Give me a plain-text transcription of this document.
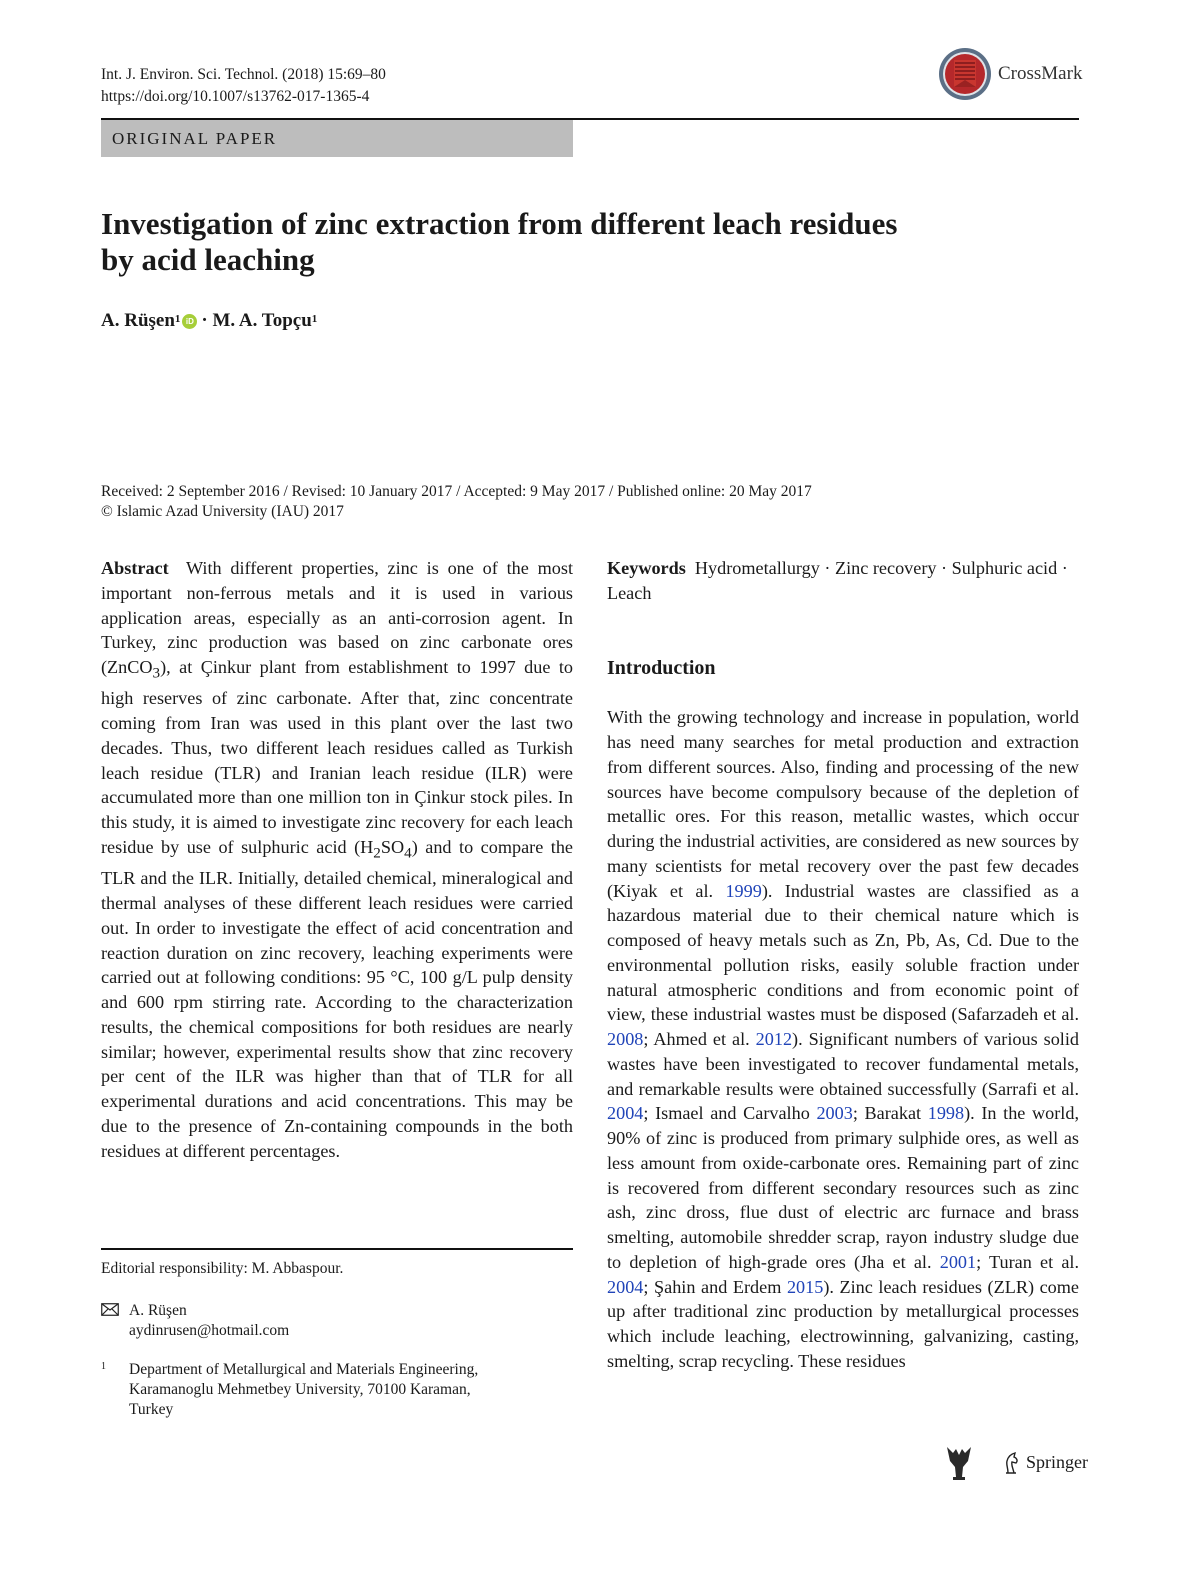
Int. J. Environ. Sci. Technol. (2018) 15:69–80
https://doi.org/10.1007/s13762-017-1365-4
CrossMark
ORIGINAL PAPER
Investigation of zinc extraction from different leach residues
by acid leaching
A. Rüşen$^1$ iD ·
M. A. Topçu$^1$
Received: 2 September 2016 / Revised: 10 January 2017 / Accepted: 9 May 2017 / Published online: 20 May 2017
© Islamic Azad University (IAU) 2017
Abstract With different properties, zinc is one of the most important non-ferrous metals and it is used in various application areas, especially as an anti-corrosion agent. In Turkey, zinc production was based on zinc carbonate ores (ZnCO$_3$), at Çinkur plant from establishment to 1997 due to high reserves of zinc carbonate. After that, zinc concentrate coming from Iran was used in this plant over the last two decades. Thus, two different leach residues called as Turkish leach residue (TLR) and Iranian leach residue (ILR) were accumulated more than one million ton in Çinkur stock piles. In this study, it is aimed to investigate zinc recovery for each leach residue by use of sulphuric acid $(H_2SO_4)$ and to compare the TLR and the ILR. Initially, detailed chemical, mineralogical and thermal analyses of these different leach residues were carried out. In order to investigate the effect of acid concentration and reaction duration on zinc recovery, leaching experiments were carried out at following conditions: 95 °C, 100 g/L pulp density and 600 rpm stirring rate. According to the characterization results, the chemical compositions for both residues are nearly similar; however, experimental results show that zinc recovery per cent of the ILR was higher than that of TLR for all experimental durations and acid concentrations. This may be due to the presence of Zn-containing compounds in the both residues at different percentages.
Editorial responsibility: M. Abbaspour.
A. Rüşen
aydinrusen@hotmail.com
1 Department of Metallurgical and Materials Engineering,
Karamanoglu Mehmetbey University, 70100 Karaman,
Turkey
Keywords Hydrometallurgy · Zinc recovery · Sulphuric acid · Leach
Introduction
With the growing technology and increase in population, world has need many searches for metal production and extraction from different sources. Also, finding and processing of the new sources have become compulsory because of the depletion of metallic ores. For this reason, metallic wastes, which occur during the industrial activities, are considered as new sources by many scientists for metal recovery over the past few decades (Kiyak et al. 1999). Industrial wastes are classified as a hazardous material due to their chemical nature which is composed of heavy metals such as Zn, Pb, As, Cd. Due to the environmental pollution risks, easily soluble fraction under natural atmospheric conditions and from economic point of view, these industrial wastes must be disposed (Safarzadeh et al. 2008; Ahmed et al. 2012). Significant numbers of various solid wastes have been investigated to recover fundamental metals, and remarkable results were obtained successfully (Sarrafi et al. 2004; Ismael and Carvalho 2003; Barakat 1998). In the world, 90% of zinc is produced from primary sulphide ores, as well as less amount from oxide-carbonate ores. Remaining part of zinc is recovered from different secondary resources such as zinc ash, zinc dross, flue dust of electric arc furnace and brass smelting, automobile shredder scrap, rayon industry sludge due to depletion of high-grade ores (Jha et al. 2001; Turan et al. 2004; Şahin and Erdem 2015). Zinc leach residues (ZLR) come up after traditional zinc production by metallurgical processes which include leaching, electrowinning, galvanizing, casting, smelting, scrap recycling. These residues
Springer
